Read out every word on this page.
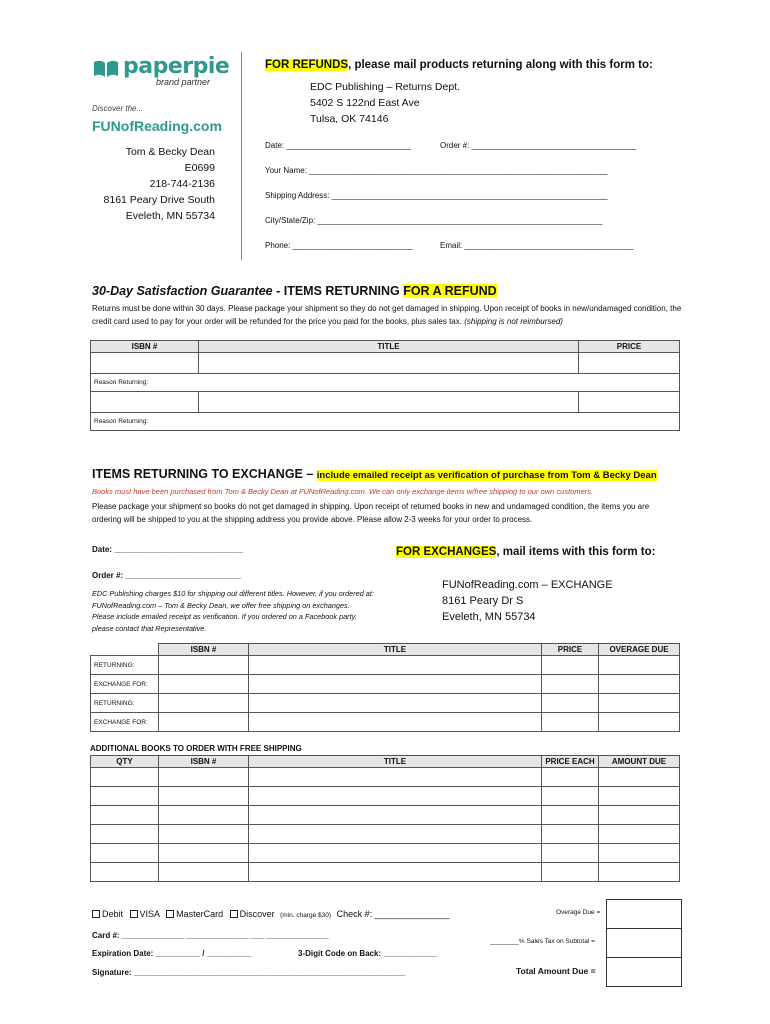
paperpie
brand partner
Discover the...
FUNofReading.com
Tom & Becky Dean
E0699
218-744-2136
8161 Peary Drive South
Eveleth, MN 55734
FOR REFUNDS, please mail products returning along with this form to:
EDC Publishing – Returns Dept.
5402 S 122nd East Ave
Tulsa, OK 74146
Date: ____________________________	Order #: _____________________________________
Your Name: ___________________________________________________________________
Shipping Address: ______________________________________________________________
City/State/Zip: ________________________________________________________________
Phone: ___________________________	Email: ______________________________________
30-Day Satisfaction Guarantee - ITEMS RETURNING FOR A REFUND
Returns must be done within 30 days. Please package your shipment so they do not get damaged in shipping. Upon receipt of books in new/undamaged condition, the credit card used to pay for your order will be refunded for the price you paid for the books, plus sales tax. (shipping is not reimbursed)
ISBN #	TITLE	PRICE

Reason Returning:		

Reason Returning:		
ITEMS RETURNING TO EXCHANGE – include emailed receipt as verification of purchase from Tom & Becky Dean
Books must have been purchased from Tom & Becky Dean at FUNofReading.com. We can only exchange items w/free shipping to our own customers.
Please package your shipment so books do not get damaged in shipping. Upon receipt of returned books in new and undamaged condition, the items you are ordering will be shipped to you at the shipping address you provide above. Please allow 2-3 weeks for your order to process.
Date: _____________________________
Order #: __________________________
FOR EXCHANGES, mail items with this form to:
FUNofReading.com – EXCHANGE
8161 Peary Dr S
Eveleth, MN 55734
EDC Publishing charges $10 for shipping out different titles. However, if you ordered at: FUNofReading.com – Tom & Becky Dean, we offer free shipping on exchanges. Please include emailed receipt as verification. If you ordered on a Facebook party, please contact that Representative.
	ISBN #	TITLE	PRICE	OVERAGE DUE
RETURNING:				
EXCHANGE FOR:				
RETURNING:				
EXCHANGE FOR:				
ADDITIONAL BOOKS TO ORDER WITH FREE SHIPPING
QTY	ISBN #	TITLE	PRICE EACH	AMOUNT DUE

Debit VISA MasterCard Discover (min. charge $30) Check #: _______________
Card #: ______________ ______________ ___ ______________
Expiration Date: __________ / __________	3-Digit Code on Back: ____________
Signature: _____________________________________________________________
Overage Due =
________% Sales Tax on Subtotal =
Total Amount Due =
